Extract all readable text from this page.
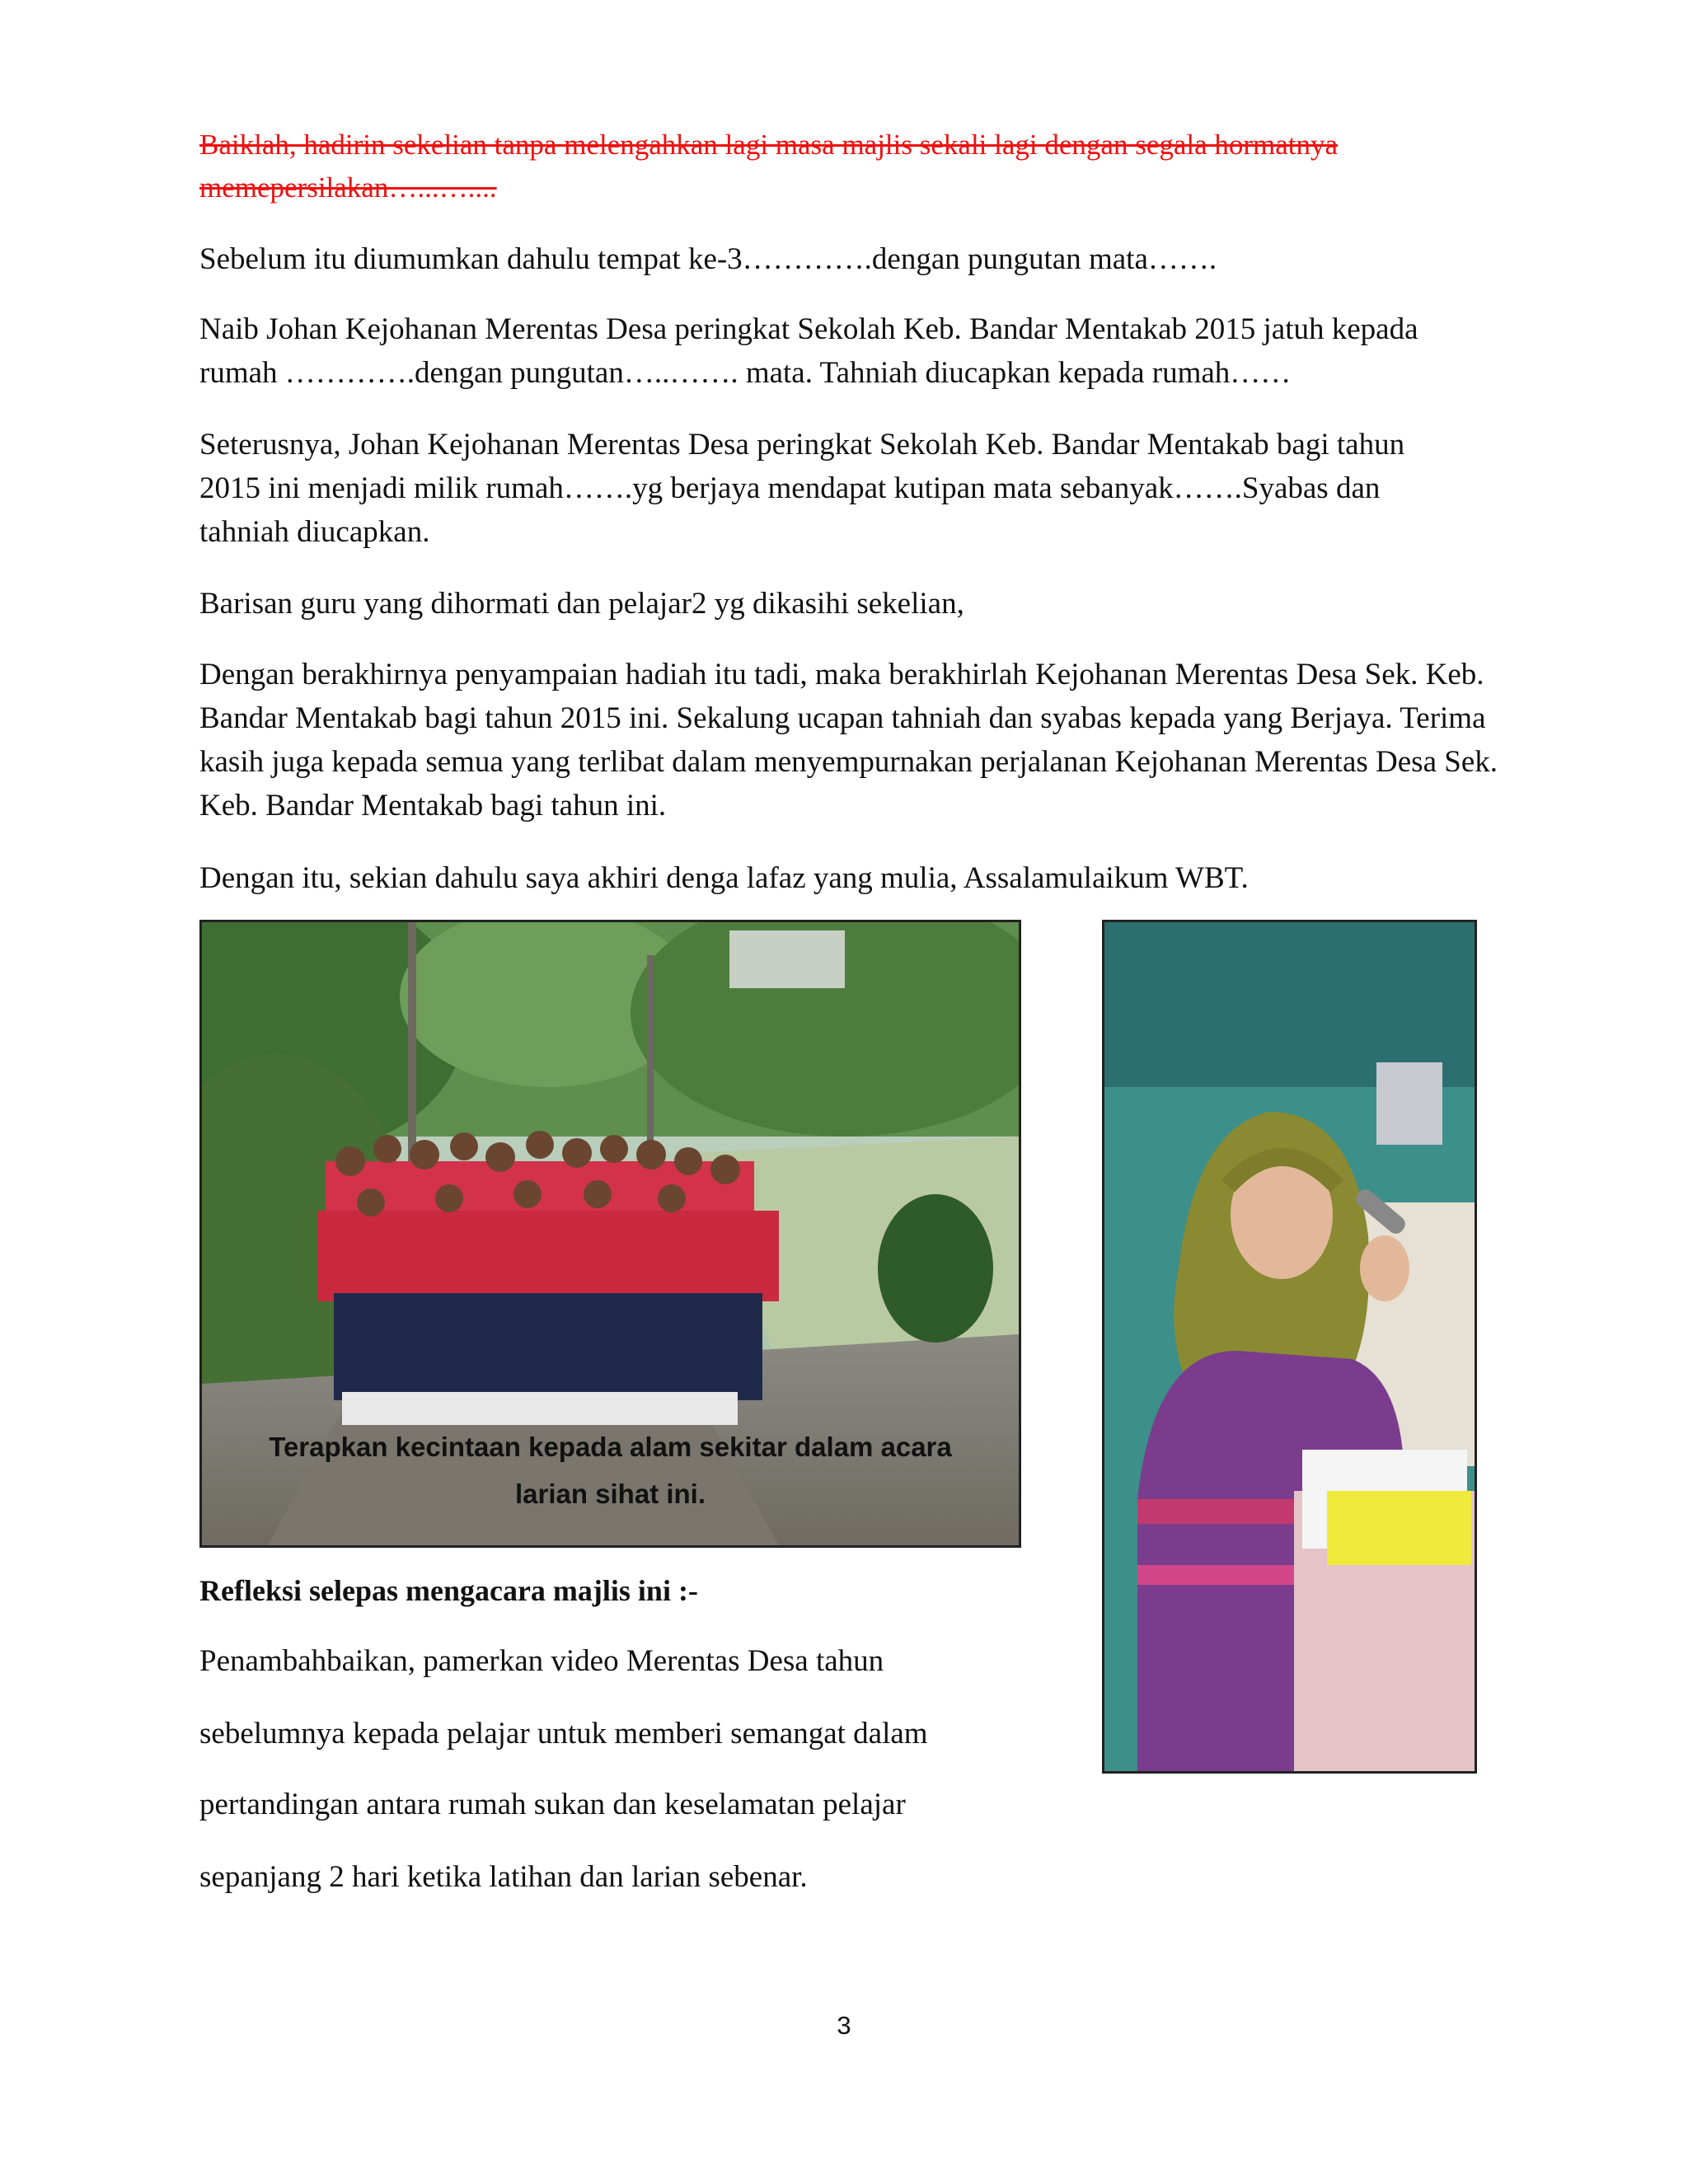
Baiklah, hadirin sekelian tanpa melengahkan lagi masa majlis sekali lagi dengan segala hormatnya memepersilakan…...…....

Sebelum itu diumumkan dahulu tempat ke-3………….dengan pungutan mata…….

Naib Johan Kejohanan Merentas Desa peringkat Sekolah Keb. Bandar Mentakab 2015 jatuh kepada rumah ………….dengan pungutan…..……. mata. Tahniah diucapkan kepada rumah……

Seterusnya, Johan Kejohanan Merentas Desa peringkat Sekolah Keb. Bandar Mentakab bagi tahun 2015 ini menjadi milik rumah…….yg berjaya mendapat kutipan mata sebanyak…….Syabas dan tahniah diucapkan.

Barisan guru yang dihormati dan pelajar2 yg dikasihi sekelian,

Dengan berakhirnya penyampaian hadiah itu tadi, maka berakhirlah Kejohanan Merentas Desa Sek. Keb. Bandar Mentakab bagi tahun 2015 ini. Sekalung ucapan tahniah dan syabas kepada yang Berjaya. Terima kasih juga kepada semua yang terlibat dalam menyempurnakan perjalanan Kejohanan Merentas Desa Sek. Keb. Bandar Mentakab bagi tahun ini.

Dengan itu, sekian dahulu saya akhiri denga lafaz yang mulia, Assalamulaikum WBT.

Terapkan kecintaan kepada alam sekitar dalam acara
larian sihat ini.

Refleksi selepas mengacara majlis ini :-

Penambahbaikan, pamerkan video Merentas Desa tahun

sebelumnya kepada pelajar untuk memberi semangat dalam

pertandingan antara rumah sukan dan keselamatan pelajar

sepanjang 2 hari ketika latihan dan larian sebenar.

3
